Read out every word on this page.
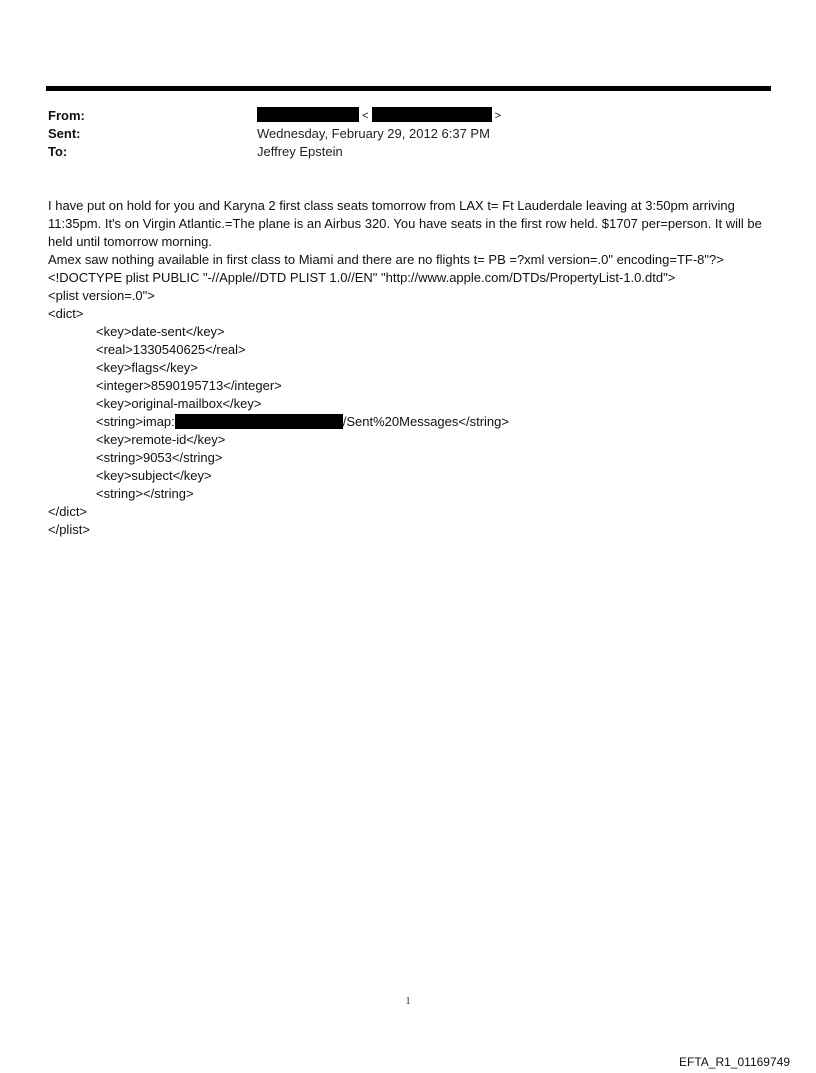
From:	<	>
Sent:	Wednesday, February 29, 2012 6:37 PM
To:	Jeffrey Epstein
I have put on hold for you and Karyna 2 first class seats tomorrow from LAX t= Ft Lauderdale leaving at 3:50pm arriving 11:35pm. It's on Virgin Atlantic.=The plane is an Airbus 320. You have seats in the first row held. $1707 per=person. It will be held until tomorrow morning.
Amex saw nothing available in first class to Miami and there are no flights t= PB =?xml version=.0" encoding=TF-8"?>
<!DOCTYPE plist PUBLIC "-//Apple//DTD PLIST 1.0//EN" "http://www.apple.com/DTDs/PropertyList-1.0.dtd">
<plist version=.0">
<dict>
<key>date-sent</key>
<real>1330540625</real>
<key>flags</key>
<integer>8590195713</integer>
<key>original-mailbox</key>
<string>imap:	/Sent%20Messages</string>
<key>remote-id</key>
<string>9053</string>
<key>subject</key>
<string></string>
</dict>
</plist>
1
EFTA_R1_01169749
